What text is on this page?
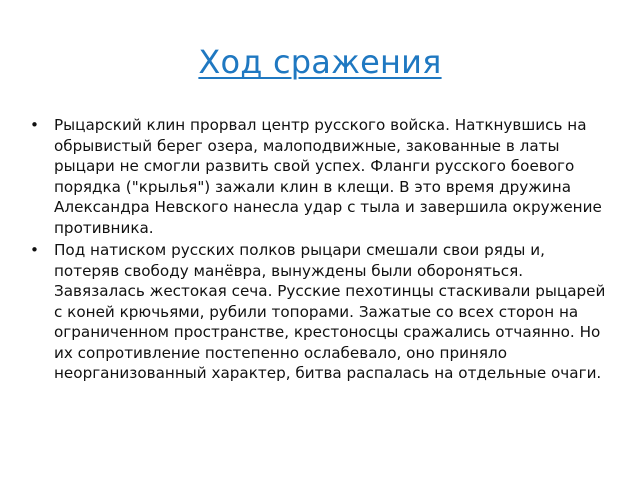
Ход сражения
• Рыцарский клин прорвал центр русского войска. Наткнувшись на обрывистый берег озера, малоподвижные, закованные в латы рыцари не смогли развить свой успех. Фланги русского боевого порядка ("крылья") зажали клин в клещи. В это время дружина Александра Невского нанесла удар с тыла и завершила окружение противника.
• Под натиском русских полков рыцари смешали свои ряды и, потеряв свободу манёвра, вынуждены были обороняться. Завязалась жестокая сеча. Русские пехотинцы стаскивали рыцарей с коней крючьями, рубили топорами. Зажатые со всех сторон на ограниченном пространстве, крестоносцы сражались отчаянно. Но их сопротивление постепенно ослабевало, оно приняло неорганизованный характер, битва распалась на отдельные очаги.
